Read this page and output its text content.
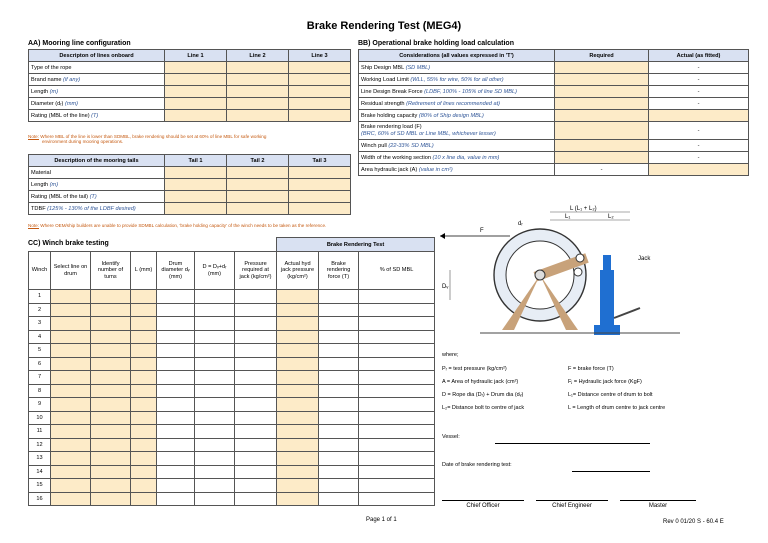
Brake Rendering Test (MEG4)
AA) Mooring line configuration
Descripton of lines onboard	Line 1	Line 2	Line 3
Type of the rope			
Brand name (if any)			
Length (m)			
Diameter (dᵣ) (mm)			
Rating (MBL of the line) (T)			
Note: Where MBL of the line is lower than SDMBL, brake rendering should be set at 60% of line MBL for safe working
environment during mooring operations.
Description of the mooring tails	Tail 1	Tail 2	Tail 3
Material			
Length (m)			
Rating (MBL of the tail) (T)			
TDBF (125% - 130% of the LDBF desired)			
Note: Where OEM/ship builders are unable to provide SDMBL calculation, 'brake holding capacity' of the winch needs to be taken as the reference.
BB) Operational brake holding load calculation
Considerations (all values expressed in 'T')	Required	Actual (as fitted)
Ship Design MBL (SD MBL)		-
Working Load Limit (WLL, 55% for wire, 50% for all other)		-
Line Design Break Force (LDBF, 100% - 105% of line SD MBL)		-
Residual strength (Retirement of lines recommended at)		-
Brake holding capacity (80% of Ship design MBL)		
Brake rendering load (F)
(BRC, 60% of SD MBL or Line MBL, whichever lesser)		-
Winch pull (22-33% SD MBL)		-
Width of the working section (10 x line dia, value in mm)		-
Area hydraulic jack (A) (value in cm²)	-	
CC) Winch brake testing
							Brake Rendering Test		
Winch	Select line on drum	Identify number of turns	L (mm)	Drum diameter dᵥ (mm)	D = Dᵥ+dᵣ (mm)	Pressure required at jack (kg/cm²)	Actual hyd jack pressure (kg/cm²)	Brake rendering force (T)	% of SD MBL
1									
2									
3									
4									
5									
6									
7									
8									
9									
10									
11									
12									
13									
14									
15									
16									
L (L₁ + L₂)
L₁	L₂
F
dᵣ
Dᵥ
Jack
where;
Pᵣ = test pressure (kg/cm²)	F = brake force (T)
A = Area of hydraulic jack (cm²)	Fⱼ = Hydraulic jack force (KgF)
D = Rope dia (Dᵣ) + Drum dia (dᵥ)	L₁= Distance centre of drum to bolt
L₂= Distance bolt to centre of jack	L = Length of drum centre to jack centre
Vessel:
Date of brake rendering test:
Chief Officer	Chief Engineer	Master
Page 1 of 1	Rev 0 01/20 S - 60.4 E
